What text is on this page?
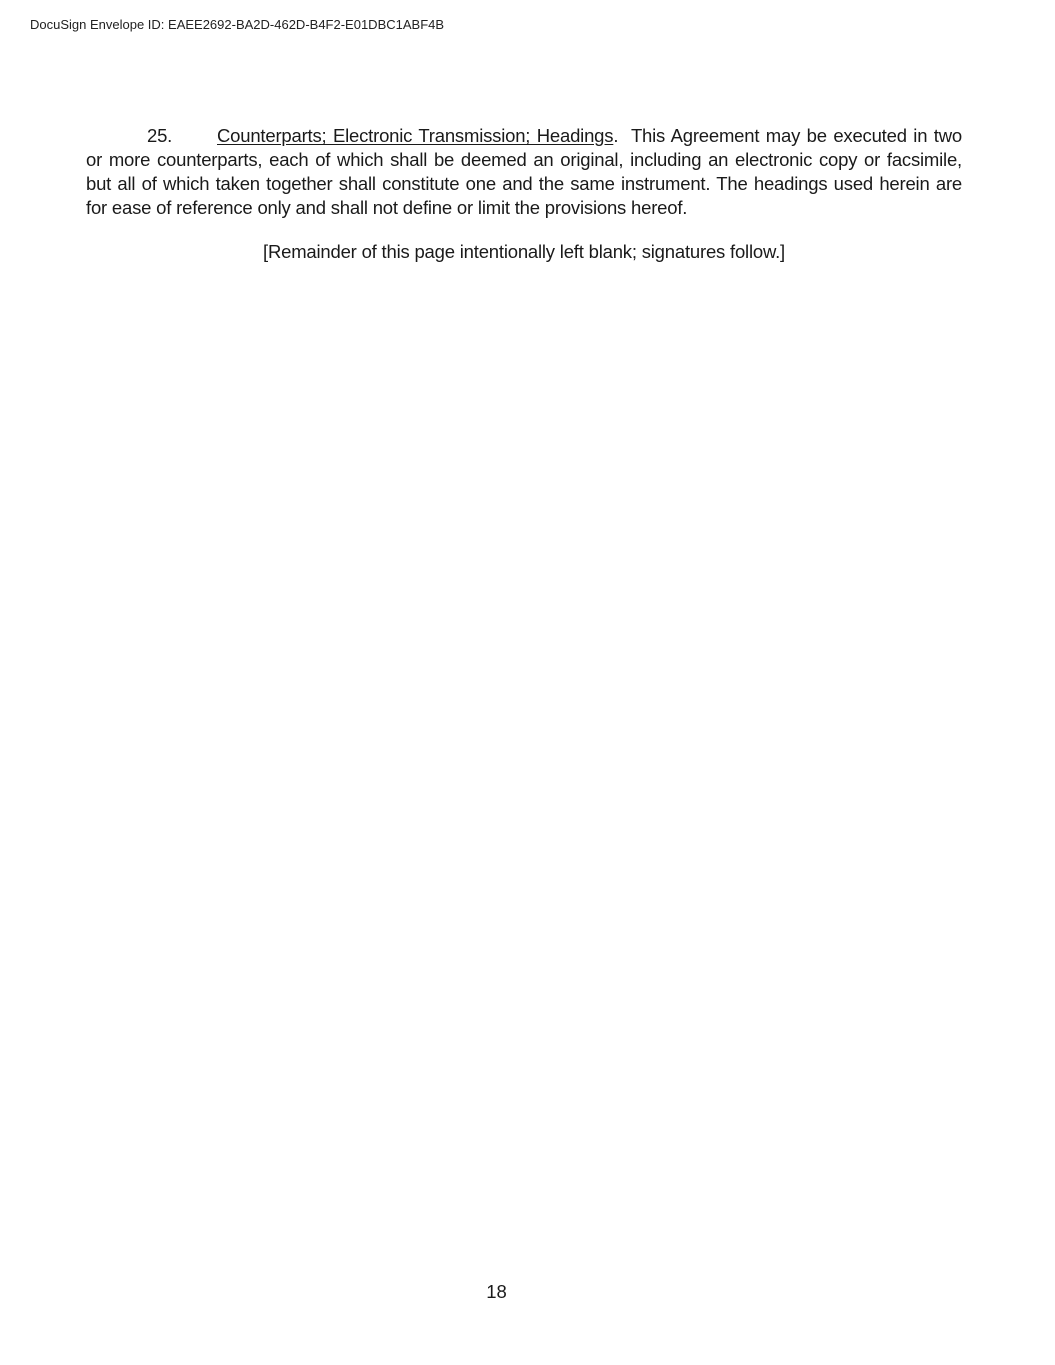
DocuSign Envelope ID: EAEE2692-BA2D-462D-B4F2-E01DBC1ABF4B
25. Counterparts; Electronic Transmission; Headings. This Agreement may be executed in two or more counterparts, each of which shall be deemed an original, including an electronic copy or facsimile, but all of which taken together shall constitute one and the same instrument. The headings used herein are for ease of reference only and shall not define or limit the provisions hereof.
[Remainder of this page intentionally left blank; signatures follow.]
18
